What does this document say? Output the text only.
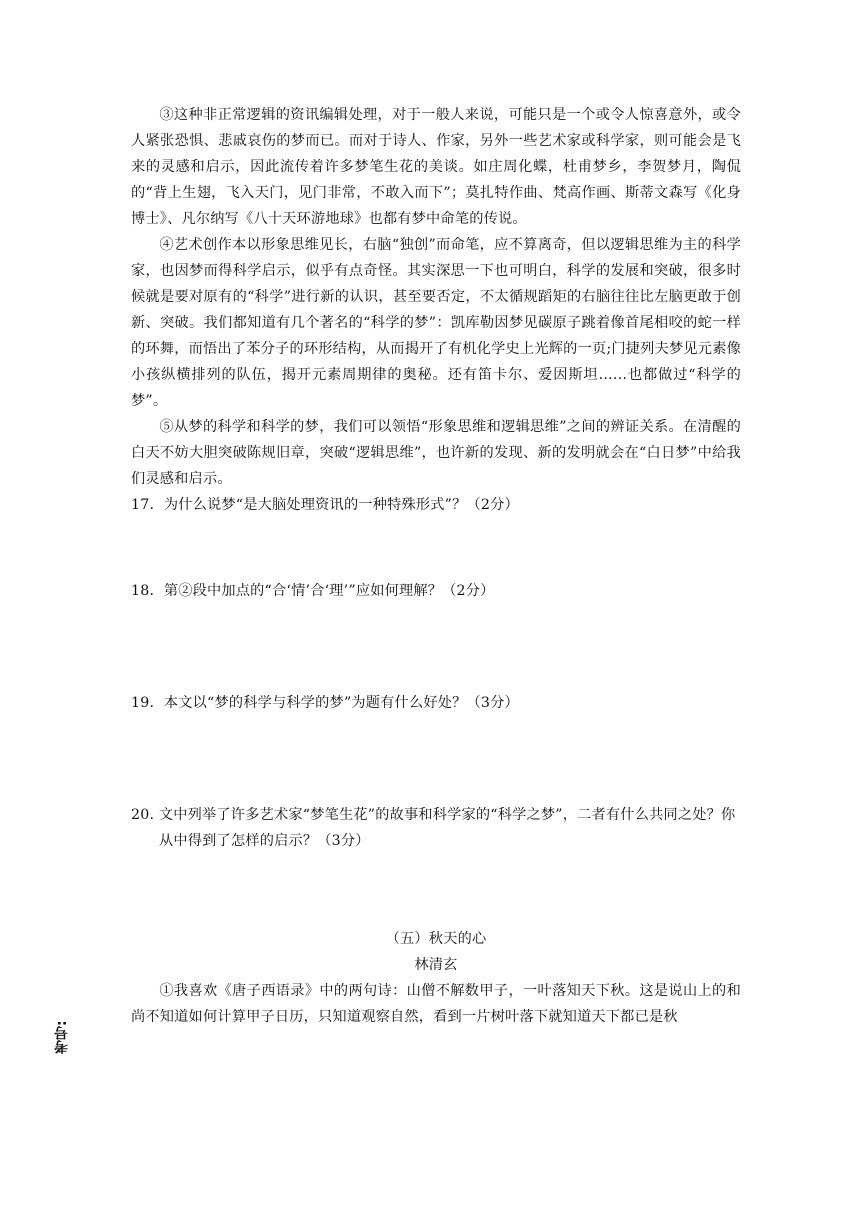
考号:

③这种非正常逻辑的资讯编辑处理，对于一般人来说，可能只是一个或令人惊喜意外，或令人紧张恐惧、悲戚哀伤的梦而已。而对于诗人、作家，另外一些艺术家或科学家，则可能会是飞来的灵感和启示，因此流传着许多梦笔生花的美谈。如庄周化蝶，杜甫梦乡，李贺梦月，陶侃的“背上生翅，飞入天门，见门非常，不敢入而下”；莫扎特作曲、梵高作画、斯蒂文森写《化身博士》、凡尔纳写《八十天环游地球》也都有梦中命笔的传说。

④艺术创作本以形象思维见长，右脑“独创”而命笔，应不算离奇，但以逻辑思维为主的科学家，也因梦而得科学启示，似乎有点奇怪。其实深思一下也可明白，科学的发展和突破，很多时候就是要对原有的“科学”进行新的认识，甚至要否定，不太循规蹈矩的右脑往往比左脑更敢于创新、突破。我们都知道有几个著名的“科学的梦”：凯库勒因梦见碳原子跳着像首尾相咬的蛇一样的环舞，而悟出了苯分子的环形结构，从而揭开了有机化学史上光辉的一页;门捷列夫梦见元素像小孩纵横排列的队伍，揭开元素周期律的奥秘。还有笛卡尔、爱因斯坦……也都做过“科学的梦”。

⑤从梦的科学和科学的梦，我们可以领悟“形象思维和逻辑思维”之间的辨证关系。在清醒的白天不妨大胆突破陈规旧章，突破“逻辑思维”，也许新的发现、新的发明就会在“白日梦”中给我们灵感和启示。

17．为什么说梦“是大脑处理资讯的一种特殊形式”？（2分）

18．第②段中加点的“合‘情’合‘理’”应如何理解？（2分）

19．本文以“梦的科学与科学的梦”为题有什么好处？（3分）

20. 文中列举了许多艺术家“梦笔生花”的故事和科学家的“科学之梦”，二者有什么共同之处？你从中得到了怎样的启示？（3分）

（五）秋天的心

林清玄

①我喜欢《唐子西语录》中的两句诗：山僧不解数甲子，一叶落知天下秋。这是说山上的和尚不知道如何计算甲子日历，只知道观察自然，看到一片树叶落下就知道天下都已是秋
